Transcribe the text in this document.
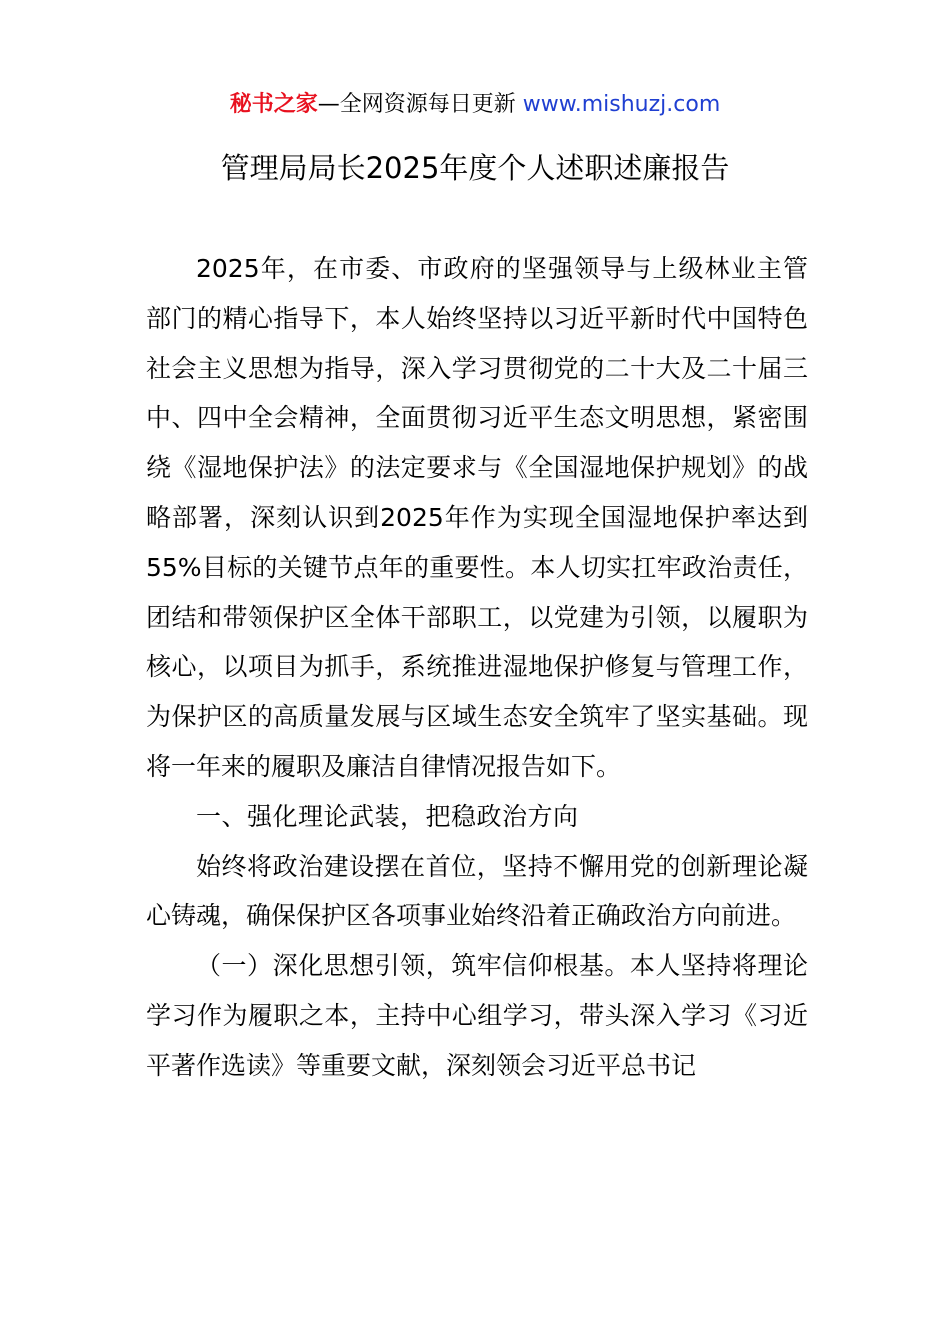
秘书之家—全网资源每日更新 www.mishuzj.com
管理局局长2025年度个人述职述廉报告

2025年，在市委、市政府的坚强领导与上级林业主管部门的精心指导下，本人始终坚持以习近平新时代中国特色社会主义思想为指导，深入学习贯彻党的二十大及二十届三中、四中全会精神，全面贯彻习近平生态文明思想，紧密围绕《湿地保护法》的法定要求与《全国湿地保护规划》的战略部署，深刻认识到2025年作为实现全国湿地保护率达到55%目标的关键节点年的重要性。本人切实扛牢政治责任，团结和带领保护区全体干部职工，以党建为引领，以履职为核心，以项目为抓手，系统推进湿地保护修复与管理工作，为保护区的高质量发展与区域生态安全筑牢了坚实基础。现将一年来的履职及廉洁自律情况报告如下。

一、强化理论武装，把稳政治方向

始终将政治建设摆在首位，坚持不懈用党的创新理论凝心铸魂，确保保护区各项事业始终沿着正确政治方向前进。

（一）深化思想引领，筑牢信仰根基。本人坚持将理论学习作为履职之本，主持中心组学习，带头深入学习《习近平著作选读》等重要文献，深刻领会习近平总书记
